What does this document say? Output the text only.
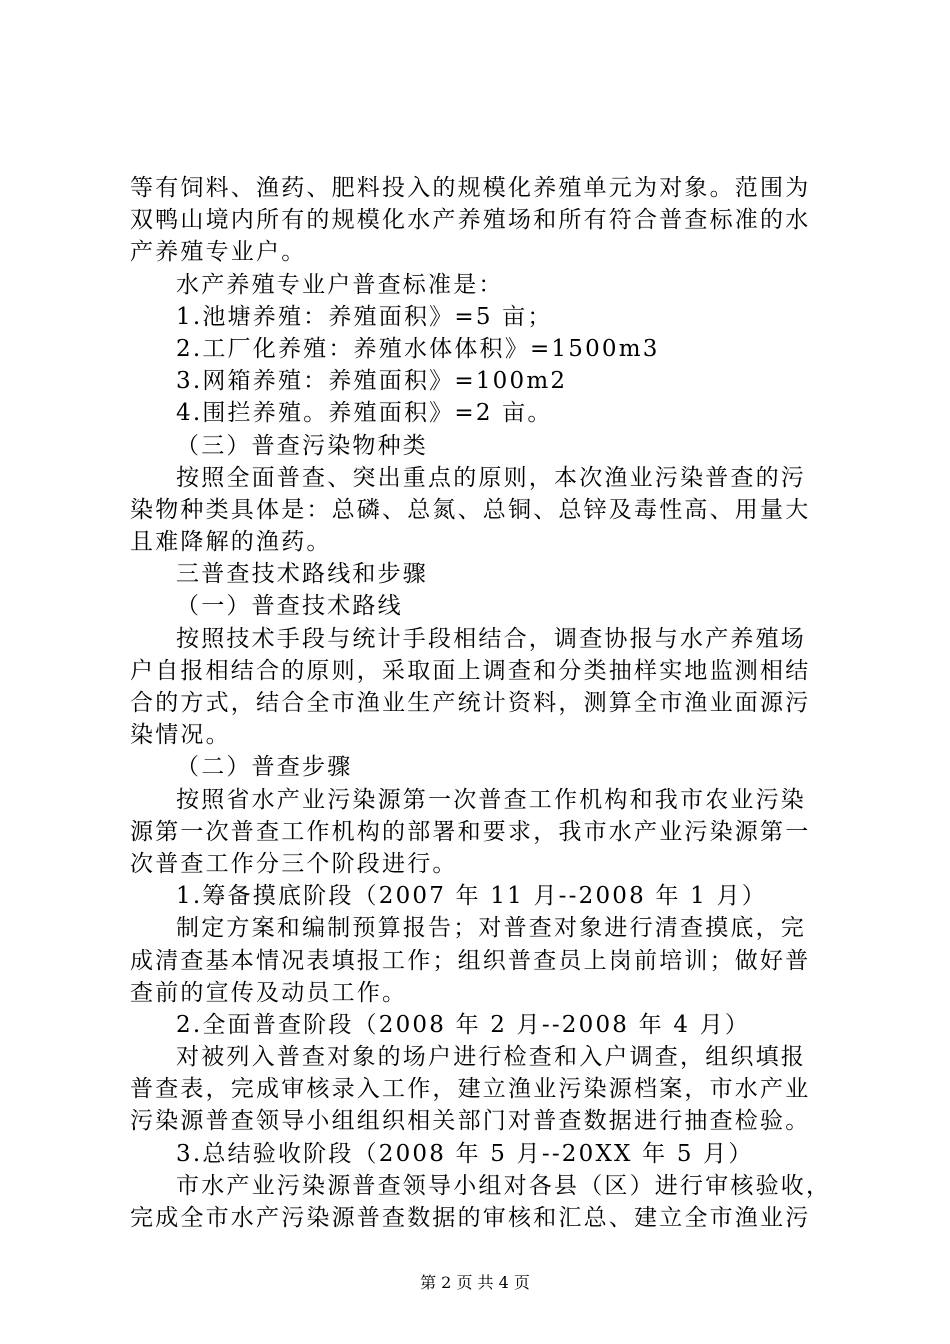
等有饲料、渔药、肥料投入的规模化养殖单元为对象。范围为
双鸭山境内所有的规模化水产养殖场和所有符合普查标准的水
产养殖专业户。
水产养殖专业户普查标准是：
1.池塘养殖：养殖面积》=5 亩；
2.工厂化养殖：养殖水体体积》=1500m3
3.网箱养殖：养殖面积》=100m2
4.围拦养殖。养殖面积》=2 亩。
（三）普查污染物种类
按照全面普查、突出重点的原则，本次渔业污染普查的污
染物种类具体是：总磷、总氮、总铜、总锌及毒性高、用量大
且难降解的渔药。
三普查技术路线和步骤
（一）普查技术路线
按照技术手段与统计手段相结合，调查协报与水产养殖场
户自报相结合的原则，采取面上调查和分类抽样实地监测相结
合的方式，结合全市渔业生产统计资料，测算全市渔业面源污
染情况。
（二）普查步骤
按照省水产业污染源第一次普查工作机构和我市农业污染
源第一次普查工作机构的部署和要求，我市水产业污染源第一
次普查工作分三个阶段进行。
1.筹备摸底阶段（2007 年 11 月--2008 年 1 月）
制定方案和编制预算报告；对普查对象进行清查摸底，完
成清查基本情况表填报工作；组织普查员上岗前培训；做好普
查前的宣传及动员工作。
2.全面普查阶段（2008 年 2 月--2008 年 4 月）
对被列入普查对象的场户进行检查和入户调查，组织填报
普查表，完成审核录入工作，建立渔业污染源档案，市水产业
污染源普查领导小组组织相关部门对普查数据进行抽查检验。
3.总结验收阶段（2008 年 5 月--20XX 年 5 月）
市水产业污染源普查领导小组对各县（区）进行审核验收，
完成全市水产污染源普查数据的审核和汇总、建立全市渔业污
第 2 页 共 4 页
